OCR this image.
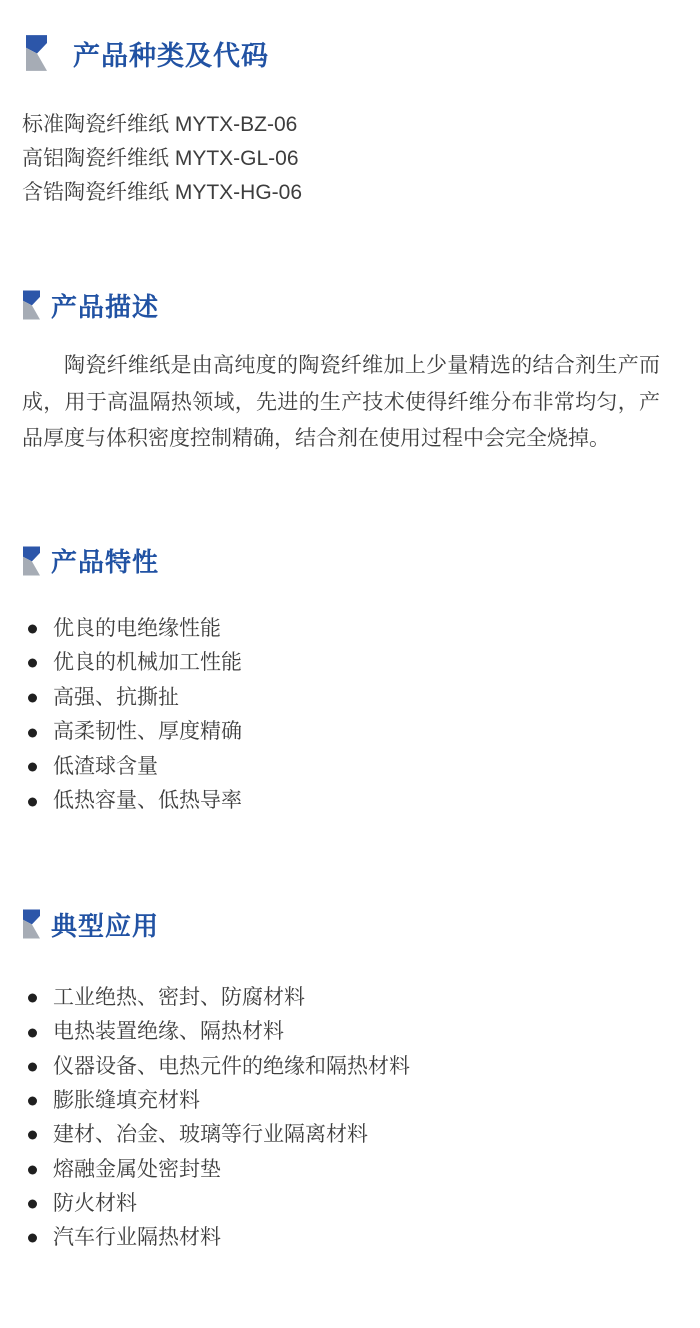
产品种类及代码
标准陶瓷纤维纸 MYTX-BZ-06
高铝陶瓷纤维纸 MYTX-GL-06
含锆陶瓷纤维纸 MYTX-HG-06
产品描述

陶瓷纤维纸是由高纯度的陶瓷纤维加上少量精选的结合剂生产而成，用于高温隔热领域，先进的生产技术使得纤维分布非常均匀，产品厚度与体积密度控制精确，结合剂在使用过程中会完全烧掉。

产品特性
优良的电绝缘性能
优良的机械加工性能
高强、抗撕扯
高柔韧性、厚度精确
低渣球含量
低热容量、低热导率
典型应用
工业绝热、密封、防腐材料
电热装置绝缘、隔热材料
仪器设备、电热元件的绝缘和隔热材料
膨胀缝填充材料
建材、冶金、玻璃等行业隔离材料
熔融金属处密封垫
防火材料
汽车行业隔热材料
